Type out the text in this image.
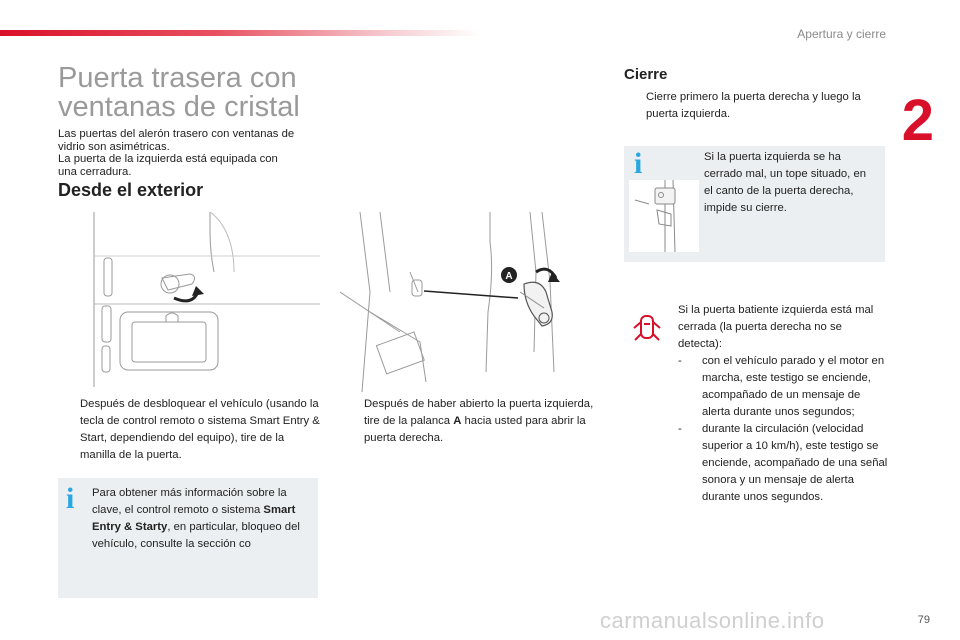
Apertura y cierre
2
Puerta trasera con
ventanas de cristal
Las puertas del alerón trasero con ventanas de
vidrio son asimétricas.
La puerta de la izquierda está equipada con
una cerradura.
Desde el exterior
A
Después de desbloquear el vehículo (usando la tecla de control remoto o sistema Smart Entry & Start, dependiendo del equipo), tire de la manilla de la puerta.
Después de haber abierto la puerta izquierda, tire de la palanca A hacia usted para abrir la puerta derecha.
i Para obtener más información sobre la clave, el control remoto o sistema Smart Entry & Starty, en particular, bloqueo del vehículo, consulte la sección co
Cierre
Cierre primero la puerta derecha y luego la puerta izquierda.
i	Si la puerta izquierda se ha cerrado mal, un tope situado, en el canto de la puerta derecha, impide su cierre.
Si la puerta batiente izquierda está mal cerrada (la puerta derecha no se detecta):
- con el vehículo parado y el motor en marcha, este testigo se enciende, acompañado de un mensaje de alerta durante unos segundos;
- durante la circulación (velocidad superior a 10 km/h), este testigo se enciende, acompañado de una señal sonora y un mensaje de alerta durante unos segundos.
carmanualsonline.info	79
